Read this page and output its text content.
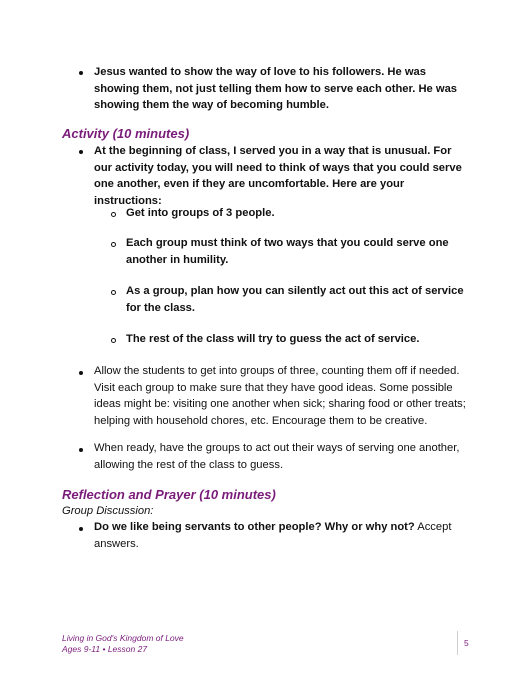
Jesus wanted to show the way of love to his followers. He was showing them, not just telling them how to serve each other. He was showing them the way of becoming humble.
Activity (10 minutes)
At the beginning of class, I served you in a way that is unusual. For our activity today, you will need to think of ways that you could serve one another, even if they are uncomfortable. Here are your instructions:
Get into groups of 3 people.
Each group must think of two ways that you could serve one another in humility.
As a group, plan how you can silently act out this act of service for the class.
The rest of the class will try to guess the act of service.
Allow the students to get into groups of three, counting them off if needed. Visit each group to make sure that they have good ideas. Some possible ideas might be: visiting one another when sick; sharing food or other treats; helping with household chores, etc. Encourage them to be creative.
When ready, have the groups to act out their ways of serving one another, allowing the rest of the class to guess.
Reflection and Prayer (10 minutes)
Group Discussion:
Do we like being servants to other people? Why or why not? Accept answers.
Living in God's Kingdom of Love
Ages 9-11 • Lesson 27
5
